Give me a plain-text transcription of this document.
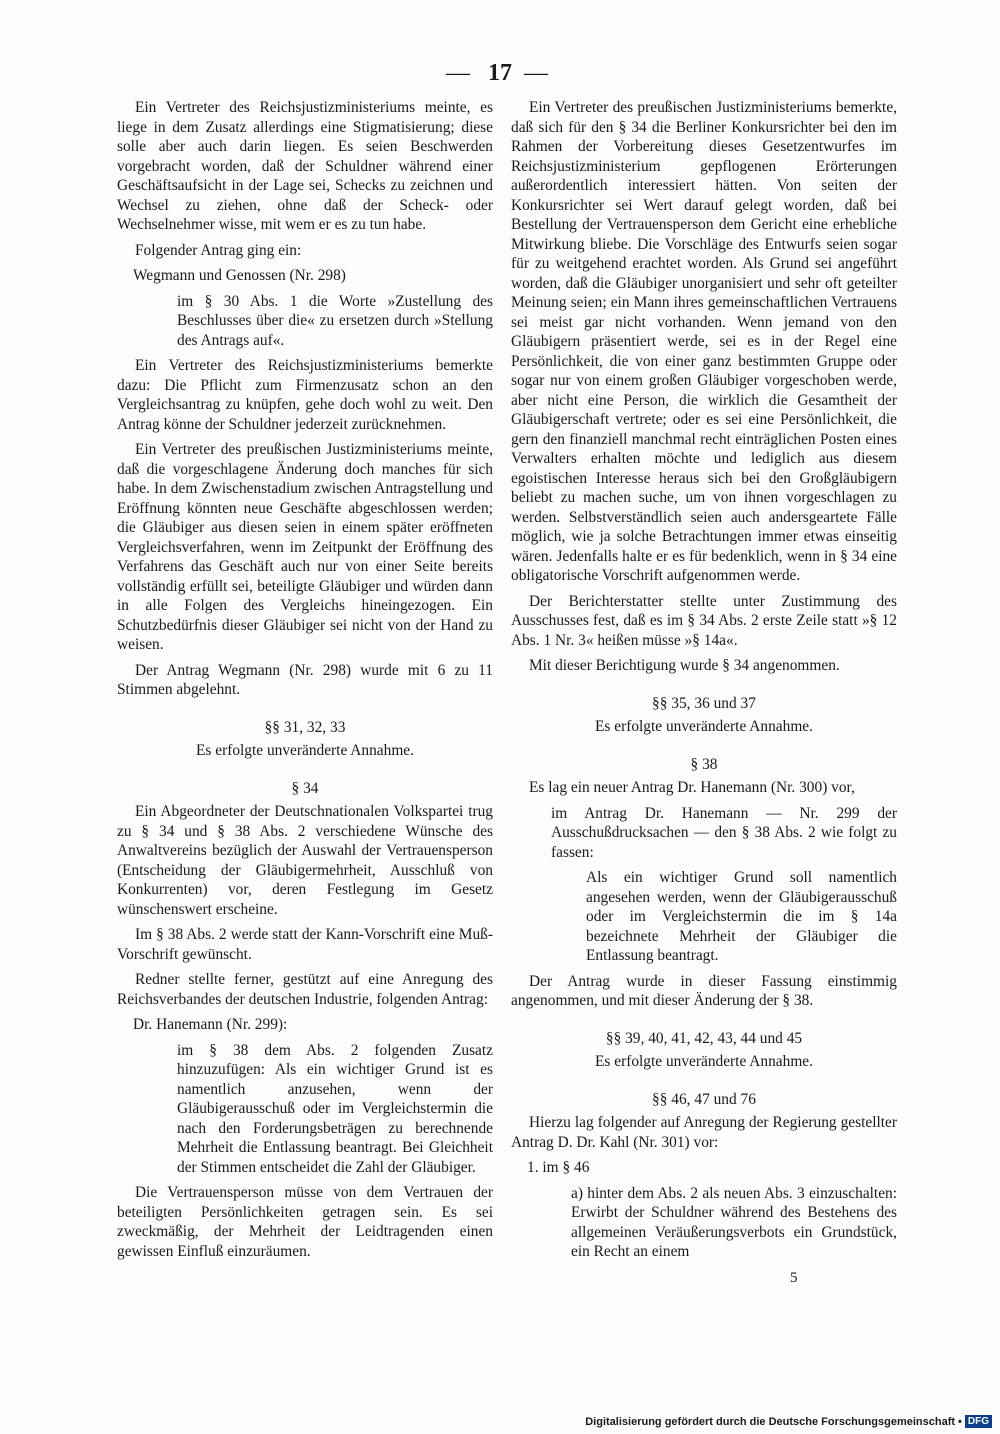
— 17 —

Ein Vertreter des Reichsjustizministeriums meinte, es liege in dem Zusatz allerdings eine Stigmatisierung; diese solle aber auch darin liegen. Es seien Beschwerden vorgebracht worden, daß der Schuldner während einer Geschäftsaufsicht in der Lage sei, Schecks zu zeichnen und Wechsel zu ziehen, ohne daß der Scheck- oder Wechselnehmer wisse, mit wem er es zu tun habe.

Folgender Antrag ging ein:

Wegmann und Genossen (Nr. 298)

im § 30 Abs. 1 die Worte »Zustellung des Beschlusses über die« zu ersetzen durch »Stellung des Antrags auf«.

Ein Vertreter des Reichsjustizministeriums bemerkte dazu: Die Pflicht zum Firmenzusatz schon an den Vergleichsantrag zu knüpfen, gehe doch wohl zu weit. Den Antrag könne der Schuldner jederzeit zurücknehmen.

Ein Vertreter des preußischen Justizministeriums meinte, daß die vorgeschlagene Änderung doch manches für sich habe. In dem Zwischenstadium zwischen Antragstellung und Eröffnung könnten neue Geschäfte abgeschlossen werden; die Gläubiger aus diesen seien in einem später eröffneten Vergleichsverfahren, wenn im Zeitpunkt der Eröffnung des Verfahrens das Geschäft auch nur von einer Seite bereits vollständig erfüllt sei, beteiligte Gläubiger und würden dann in alle Folgen des Vergleichs hineingezogen. Ein Schutzbedürfnis dieser Gläubiger sei nicht von der Hand zu weisen.

Der Antrag Wegmann (Nr. 298) wurde mit 6 zu 11 Stimmen abgelehnt.

§§ 31, 32, 33

Es erfolgte unveränderte Annahme.

§ 34

Ein Abgeordneter der Deutschnationalen Volkspartei trug zu § 34 und § 38 Abs. 2 verschiedene Wünsche des Anwaltvereins bezüglich der Auswahl der Vertrauensperson (Entscheidung der Gläubigermehrheit, Ausschluß von Konkurrenten) vor, deren Festlegung im Gesetz wünschenswert erscheine.

Im § 38 Abs. 2 werde statt der Kann-Vorschrift eine Muß-Vorschrift gewünscht.

Redner stellte ferner, gestützt auf eine Anregung des Reichsverbandes der deutschen Industrie, folgenden Antrag:

Dr. Hanemann (Nr. 299):

im § 38 dem Abs. 2 folgenden Zusatz hinzuzufügen: Als ein wichtiger Grund ist es namentlich anzusehen, wenn der Gläubigerausschuß oder im Vergleichstermin die nach den Forderungsbeträgen zu berechnende Mehrheit die Entlassung beantragt. Bei Gleichheit der Stimmen entscheidet die Zahl der Gläubiger.

Die Vertrauensperson müsse von dem Vertrauen der beteiligten Persönlichkeiten getragen sein. Es sei zweckmäßig, der Mehrheit der Leidtragenden einen gewissen Einfluß einzuräumen.

Ein Vertreter des preußischen Justizministeriums bemerkte, daß sich für den § 34 die Berliner Konkursrichter bei den im Rahmen der Vorbereitung dieses Gesetzentwurfes im Reichsjustizministerium gepflogenen Erörterungen außerordentlich interessiert hätten. Von seiten der Konkursrichter sei Wert darauf gelegt worden, daß bei Bestellung der Vertrauensperson dem Gericht eine erhebliche Mitwirkung bliebe. Die Vorschläge des Entwurfs seien sogar für zu weitgehend erachtet worden. Als Grund sei angeführt worden, daß die Gläubiger unorganisiert und sehr oft geteilter Meinung seien; ein Mann ihres gemeinschaftlichen Vertrauens sei meist gar nicht vorhanden. Wenn jemand von den Gläubigern präsentiert werde, sei es in der Regel eine Persönlichkeit, die von einer ganz bestimmten Gruppe oder sogar nur von einem großen Gläubiger vorgeschoben werde, aber nicht eine Person, die wirklich die Gesamtheit der Gläubigerschaft vertrete; oder es sei eine Persönlichkeit, die gern den finanziell manchmal recht einträglichen Posten eines Verwalters erhalten möchte und lediglich aus diesem egoistischen Interesse heraus sich bei den Großgläubigern beliebt zu machen suche, um von ihnen vorgeschlagen zu werden. Selbstverständlich seien auch andersgeartete Fälle möglich, wie ja solche Betrachtungen immer etwas einseitig wären. Jedenfalls halte er es für bedenklich, wenn in § 34 eine obligatorische Vorschrift aufgenommen werde.

Der Berichterstatter stellte unter Zustimmung des Ausschusses fest, daß es im § 34 Abs. 2 erste Zeile statt »§ 12 Abs. 1 Nr. 3« heißen müsse »§ 14a«.

Mit dieser Berichtigung wurde § 34 angenommen.

§§ 35, 36 und 37

Es erfolgte unveränderte Annahme.

§ 38

Es lag ein neuer Antrag Dr. Hanemann (Nr. 300) vor,

im Antrag Dr. Hanemann — Nr. 299 der Ausschußdrucksachen — den § 38 Abs. 2 wie folgt zu fassen:

Als ein wichtiger Grund soll namentlich angesehen werden, wenn der Gläubigerausschuß oder im Vergleichstermin die im § 14a bezeichnete Mehrheit der Gläubiger die Entlassung beantragt.

Der Antrag wurde in dieser Fassung einstimmig angenommen, und mit dieser Änderung der § 38.

§§ 39, 40, 41, 42, 43, 44 und 45

Es erfolgte unveränderte Annahme.

§§ 46, 47 und 76

Hierzu lag folgender auf Anregung der Regierung gestellter Antrag D. Dr. Kahl (Nr. 301) vor:

1. im § 46

a) hinter dem Abs. 2 als neuen Abs. 3 einzuschalten: Erwirbt der Schuldner während des Bestehens des allgemeinen Veräußerungsverbots ein Grundstück, ein Recht an einem

5
Digitalisierung gefördert durch die Deutsche Forschungsgemeinschaft • DFG
